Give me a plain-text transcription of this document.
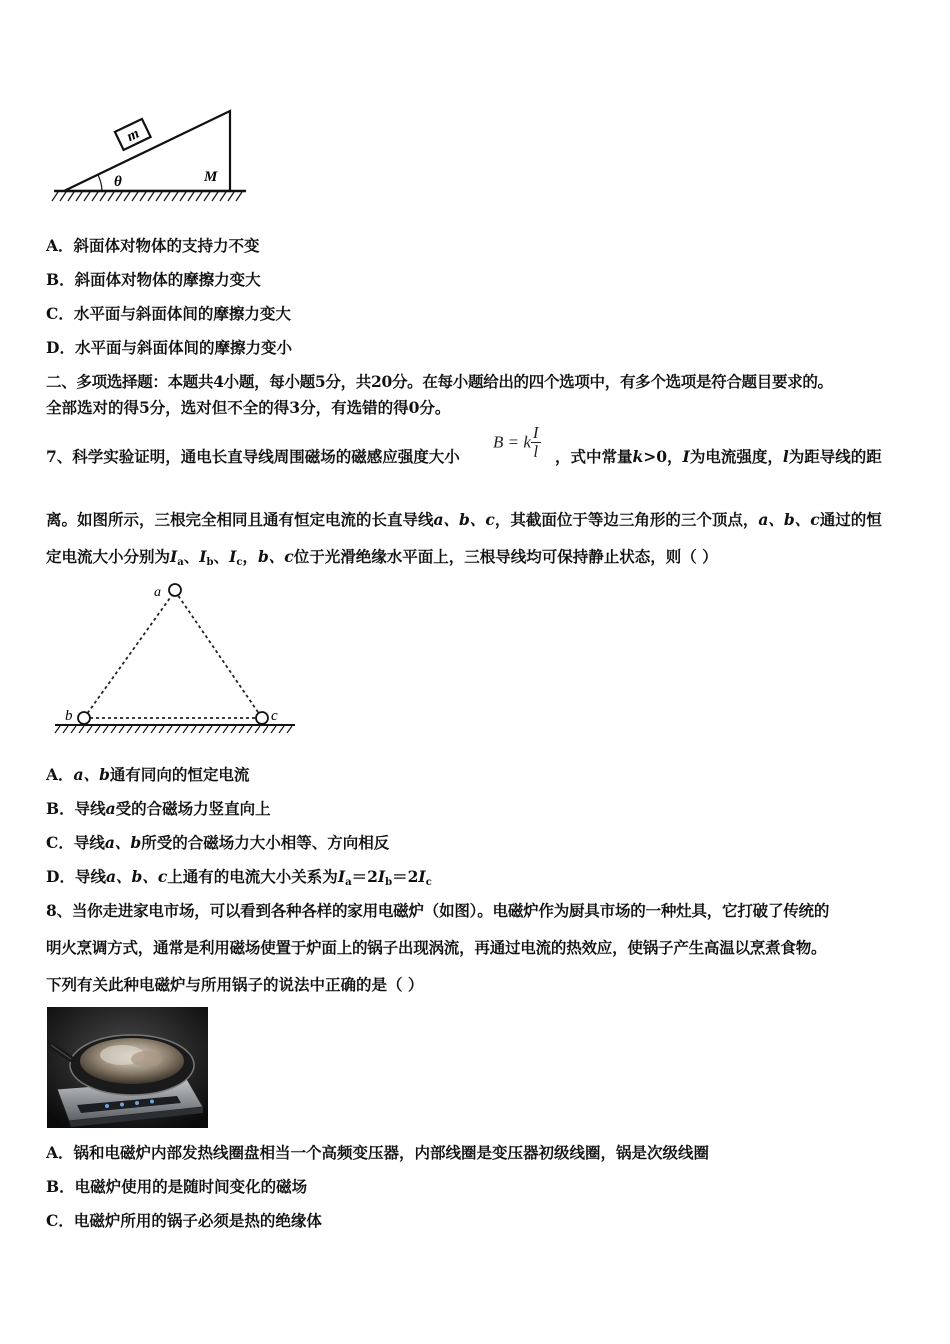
m
θ	M
A．斜面体对物体的支持力不变
B．斜面体对物体的摩擦力变大
C．水平面与斜面体间的摩擦力变大
D．水平面与斜面体间的摩擦力变小
二、多项选择题：本题共4小题，每小题5分，共20分。在每小题给出的四个选项中，有多个选项是符合题目要求的。
全部选对的得5分，选对但不全的得3分，有选错的得0分。
7、科学实验证明，通电长直导线周围磁场的磁感应强度大小
B = k $\frac{I}{l}$ ，式中常量k>0，I为电流强度，l为距导线的距
离。如图所示，三根完全相同且通有恒定电流的长直导线a、b、c，其截面位于等边三角形的三个顶点，a、b、c通过的恒
定电流大小分别为$I_a$、$I_b$、$I_c$，b、c位于光滑绝缘水平面上，三根导线均可保持静止状态，则（ ）
a
b	c
A．a、b通有同向的恒定电流
B．导线a受的合磁场力竖直向上
C．导线a、b所受的合磁场力大小相等、方向相反
D．导线a、b、c上通有的电流大小关系为$I_a=2I_b=2I_c$
8、当你走进家电市场，可以看到各种各样的家用电磁炉（如图）。电磁炉作为厨具市场的一种灶具，它打破了传统的
明火烹调方式，通常是利用磁场使置于炉面上的锅子出现涡流，再通过电流的热效应，使锅子产生高温以烹煮食物。
下列有关此种电磁炉与所用锅子的说法中正确的是（ ）
A．锅和电磁炉内部发热线圈盘相当一个高频变压器，内部线圈是变压器初级线圈，锅是次级线圈
B．电磁炉使用的是随时间变化的磁场
C．电磁炉所用的锅子必须是热的绝缘体
